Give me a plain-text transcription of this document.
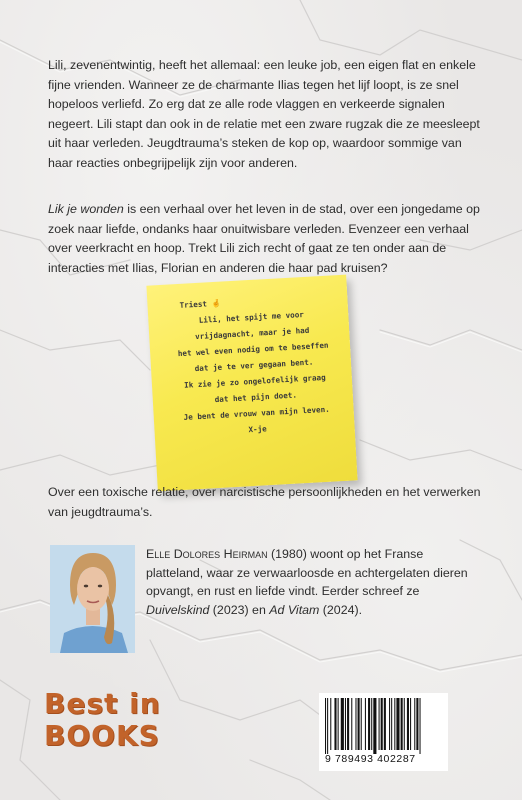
Lili, zevenentwintig, heeft het allemaal: een leuke job, een eigen flat en enkele fijne vrienden. Wanneer ze de charmante Ilias tegen het lijf loopt, is ze snel hopeloos verliefd. Zo erg dat ze alle rode vlaggen en verkeerde signalen negeert. Lili stapt dan ook in de relatie met een zware rugzak die ze meesleept uit haar verleden. Jeugdtrauma’s steken de kop op, waardoor sommige van haar reacties onbegrijpelijk zijn voor anderen.

Lik je wonden is een verhaal over het leven in de stad, over een jongedame op zoek naar liefde, ondanks haar onuitwisbare verleden. Evenzeer een verhaal over veerkracht en hoop. Trekt Lili zich recht of gaat ze ten onder aan de interacties met Ilias, Florian en anderen die haar pad kruisen?

Triest 🤞
Lili, het spijt me voor
vrijdagnacht, maar je had
het wel even nodig om te beseffen
dat je te ver gegaan bent.
Ik zie je zo ongelofelijk graag
dat het pijn doet.
Je bent de vrouw van mijn leven.
X-je

Over een toxische relatie, over narcistische persoonlijkheden en het verwerken van jeugdtrauma’s.

Elle Dolores Heirman (1980) woont op het Franse platteland, waar ze verwaarloosde en achtergelaten dieren opvangt, en rust en liefde vindt. Eerder schreef ze Duivelskind (2023) en Ad Vitam (2024).
Best in
BOOKS
9 789493 402287
